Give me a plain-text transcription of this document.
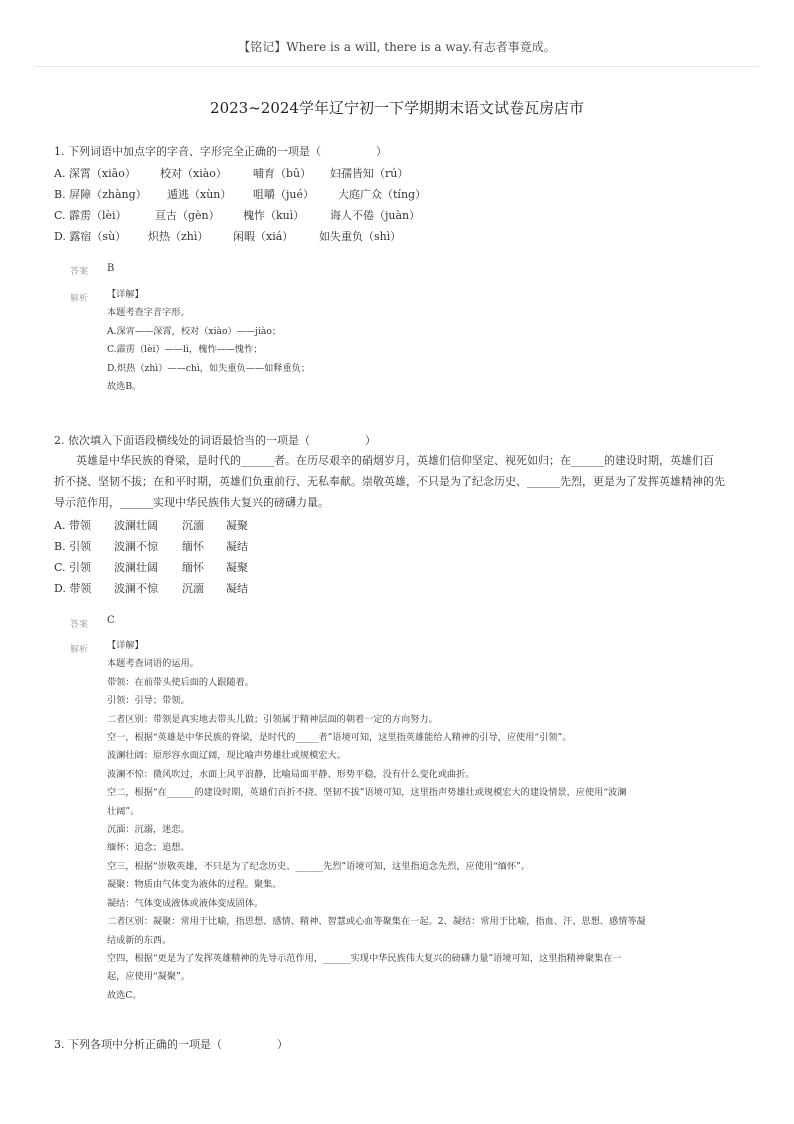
【铭记】Where is a will, there is a way.有志者事竟成。
2023~2024学年辽宁初一下学期期末语文试卷瓦房店市
1. 下列词语中加点字的字音、字形完全正确的一项是（　　　　　）
A. 深霄（xiāo） 校对（xiào） 哺育（bū） 妇孺皆知（rú）
B. 屏障（zhàng） 遁逃（xùn） 咀嚼（jué） 大庭广众（tíng）
C. 霹雳（lèi）	亘古（gèn） 槐怍（kuì） 诲人不倦（juàn）
D. 露宿（sù） 炽热（zhì） 闲暇（xiá） 如失重负（shì）
答案 B
解析 【详解】
本题考查字音字形。
A.深宵——深霄，校对（xiào）——jiào；
C.霹雳（lèi）——lì，槐怍——愧怍；
D.炽热（zhì）——chì，如失重负——如释重负；
故选B。
2. 依次填入下面语段横线处的词语最恰当的一项是（　　　　　）
　　英雄是中华民族的脊梁，是时代的______者。在历尽艰辛的硝烟岁月，英雄们信仰坚定、视死如归；在______的建设时期，英雄们百
折不挠、坚韧不拔；在和平时期，英雄们负重前行、无私奉献。崇敬英雄，不只是为了纪念历史、______先烈，更是为了发挥英雄精神的先
导示范作用，______实现中华民族伟大复兴的磅礴力量。
A. 带领 波澜壮阔 沉湎 凝聚
B. 引领 波澜不惊 缅怀 凝结
C. 引领 波澜壮阔 缅怀 凝聚
D. 带领 波澜不惊 沉湎 凝结
答案 C
解析 【详解】
本题考查词语的运用。
带领：在前带头使后面的人跟随着。
引领：引导；带领。
二者区别：带领是真实地去带头儿做；引领属于精神层面的朝着一定的方向努力。
空一，根据“英雄是中华民族的脊梁，是时代的_____者”语境可知，这里指英雄能给人精神的引导，应使用“引领”。
波澜壮阔：原形容水面辽阔，现比喻声势雄壮或规模宏大。
波澜不惊：微风吹过，水面上风平浪静，比喻局面平静、形势平稳，没有什么变化或曲折。
空二，根据“在______的建设时期，英雄们百折不挠、坚韧不拔”语境可知，这里指声势雄壮或规模宏大的建设情景，应使用“波澜
壮阔”。
沉湎：沉溺，迷恋。
缅怀：追念；追想。
空三，根据“崇敬英雄，不只是为了纪念历史、______先烈”语境可知，这里指追念先烈，应使用“缅怀”。
凝聚：物质由气体变为液体的过程。聚集。
凝结：气体变成液体或液体变成固体。
二者区别：凝聚：常用于比喻，指思想、感情、精神、智慧或心血等聚集在一起。2、凝结：常用于比喻，指血、汗、思想、感情等凝
结成新的东西。
空四，根据“更是为了发挥英雄精神的先导示范作用，______实现中华民族伟大复兴的磅礴力量”语境可知，这里指精神聚集在一
起，应使用“凝聚”。
故选C。
3. 下列各项中分析正确的一项是（　　　　　）
